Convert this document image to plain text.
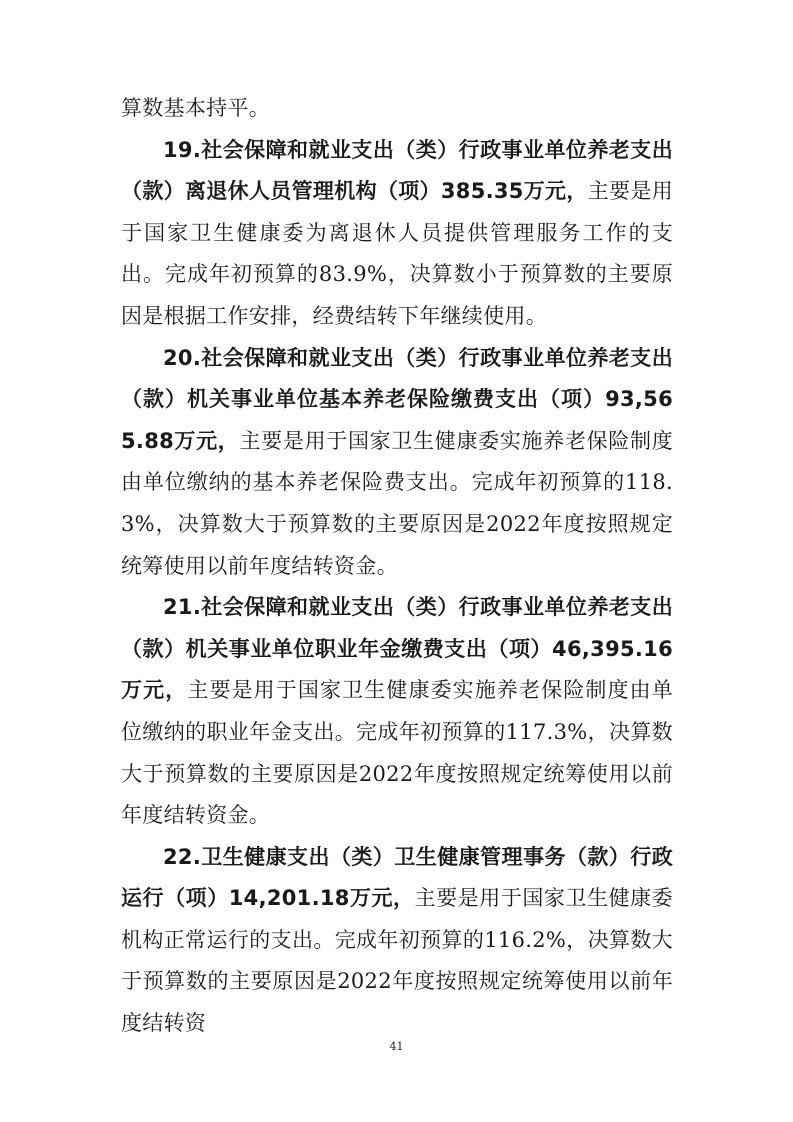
算数基本持平。

19.社会保障和就业支出（类）行政事业单位养老支出（款）离退休人员管理机构（项）385.35万元，主要是用于国家卫生健康委为离退休人员提供管理服务工作的支出。完成年初预算的83.9%，决算数小于预算数的主要原因是根据工作安排，经费结转下年继续使用。

20.社会保障和就业支出（类）行政事业单位养老支出（款）机关事业单位基本养老保险缴费支出（项）93,565.88万元，主要是用于国家卫生健康委实施养老保险制度由单位缴纳的基本养老保险费支出。完成年初预算的118.3%，决算数大于预算数的主要原因是2022年度按照规定统筹使用以前年度结转资金。

21.社会保障和就业支出（类）行政事业单位养老支出（款）机关事业单位职业年金缴费支出（项）46,395.16万元，主要是用于国家卫生健康委实施养老保险制度由单位缴纳的职业年金支出。完成年初预算的117.3%，决算数大于预算数的主要原因是2022年度按照规定统筹使用以前年度结转资金。

22.卫生健康支出（类）卫生健康管理事务（款）行政运行（项）14,201.18万元，主要是用于国家卫生健康委机构正常运行的支出。完成年初预算的116.2%，决算数大于预算数的主要原因是2022年度按照规定统筹使用以前年度结转资

41
